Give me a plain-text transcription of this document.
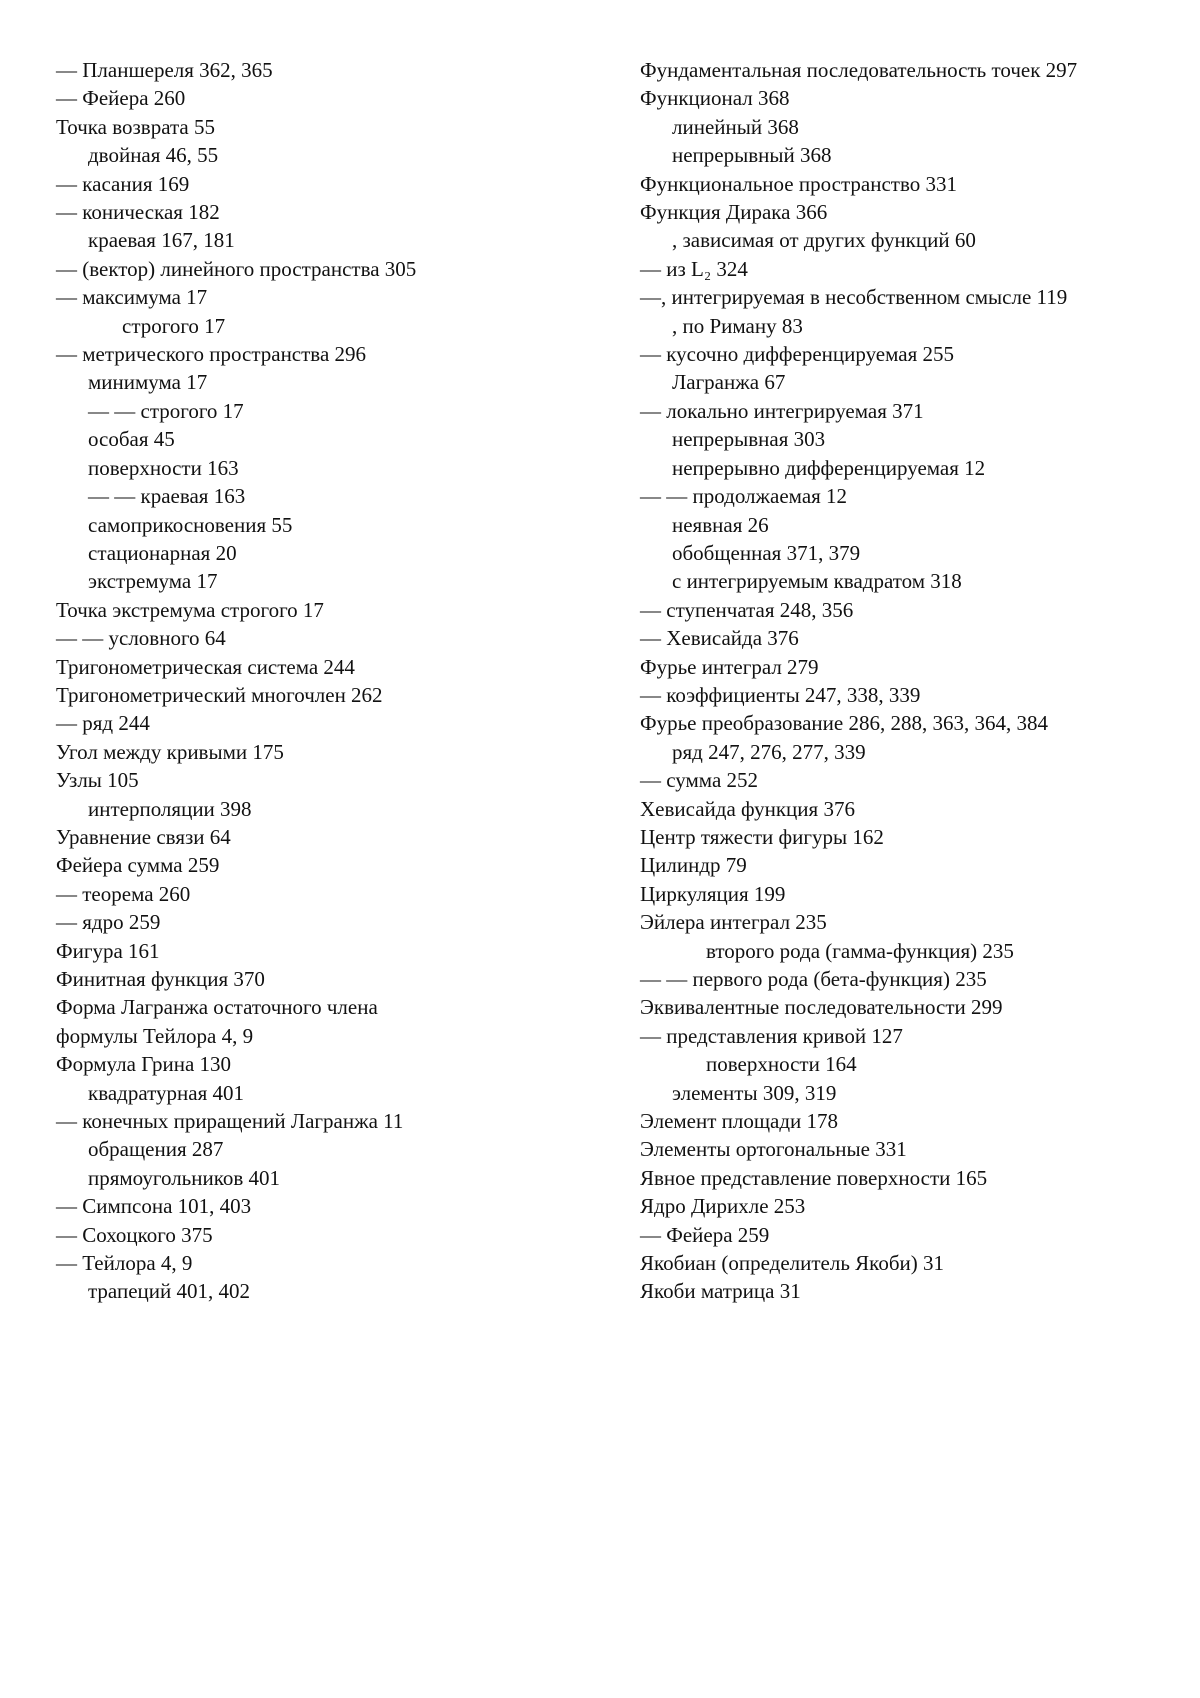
— Планшереля 362, 365
— Фейера 260
Точка возврата 55
двойная 46, 55
— касания 169
— коническая 182
краевая 167, 181
— (вектор) линейного пространства 305
— максимума 17
строгого 17
— метрического пространства 296
минимума 17
— — строгого 17
особая 45
поверхности 163
— — краевая 163
самоприкосновения 55
стационарная 20
экстремума 17
Точка экстремума строгого 17
— — условного 64
Тригонометрическая система 244
Тригонометрический многочлен 262
— ряд 244
Угол между кривыми 175
Узлы 105
интерполяции 398
Уравнение связи 64
Фейера сумма 259
— теорема 260
— ядро 259
Фигура 161
Финитная функция 370
Форма Лагранжа остаточного члена
формулы Тейлора 4, 9
Формула Грина 130
квадратурная 401
— конечных приращений Лагранжа 11
обращения 287
прямоугольников 401
— Симпсона 101, 403
— Сохоцкого 375
— Тейлора 4, 9
трапеций 401, 402
Фундаментальная последовательность точек 297
Функционал 368
линейный 368
непрерывный 368
Функциональное пространство 331
Функция Дирака 366
, зависимая от других функций 60
— из L₂ 324
—, интегрируемая в несобственном смысле 119
, по Риману 83
— кусочно дифференцируемая 255
Лагранжа 67
— локально интегрируемая 371
непрерывная 303
непрерывно дифференцируемая 12
— — продолжаемая 12
неявная 26
обобщенная 371, 379
с интегрируемым квадратом 318
— ступенчатая 248, 356
— Хевисайда 376
Фурье интеграл 279
— коэффициенты 247, 338, 339
Фурье преобразование 286, 288, 363, 364, 384
ряд 247, 276, 277, 339
— сумма 252
Хевисайда функция 376
Центр тяжести фигуры 162
Цилиндр 79
Циркуляция 199
Эйлера интеграл 235
второго рода (гамма-функция) 235
— — первого рода (бета-функция) 235
Эквивалентные последовательности 299
— представления кривой 127
поверхности 164
элементы 309, 319
Элемент площади 178
Элементы ортогональные 331
Явное представление поверхности 165
Ядро Дирихле 253
— Фейера 259
Якобиан (определитель Якоби) 31
Якоби матрица 31
